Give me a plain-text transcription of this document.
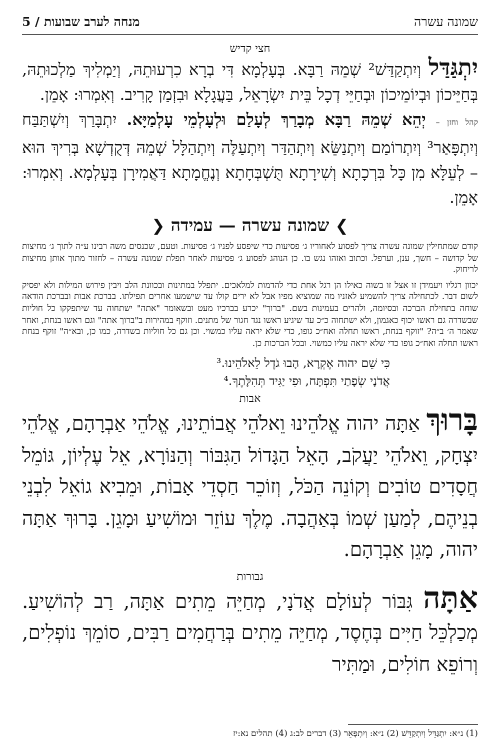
מנחה לערב שבועות / 5	שמונה עשרה

חצי קדיש

יִתְגַּדַּל וְיִתְקַדַּשׁ² שְׁמֵהּ רַבָּא. בְּעָלְמָא דִּי בְרָא כִרְעוּתֵהּ, וְיַמְלִיךְ מַלְכוּתֵהּ, בְּחַיֵּיכוֹן וּבְיוֹמֵיכוֹן וּבְחַיֵּי דְכָל בֵּית יִשְׂרָאֵל, בַּעֲגָלָא וּבִזְמַן קָרִיב. וְאִמְרוּ: אָמֵן.

קהל וחזן – יְהֵא שְׁמֵהּ רַבָּא מְבָרַךְ לְעָלַם וּלְעָלְמֵי עָלְמַיָּא. יִתְבָּרַךְ וְיִשְׁתַּבַּח וְיִתְפָּאַר³ וְיִתְרוֹמַם וְיִתְנַשֵּׂא וְיִתְהַדַּר וְיִתְעַלֶּה וְיִתְהַלָּל שְׁמֵהּ דְּקֻדְשָׁא בְּרִיךְ הוּא – לְעֵלָּא מִן כָּל בִּרְכָתָא וְשִׁירָתָא תֻּשְׁבְּחָתָא וְנֶחֱמָתָא דַּאֲמִירָן בְּעָלְמָא. וְאִמְרוּ: אָמֵן.

❯ שמונה עשרה — עמידה ❮

קודם שמתחילין שמונה עשרה צריך לפסוע לאחוריו ג׳ פסיעות כדי שיפסע לפניו ג׳ פסיעות. וטעם, שכנסים משה רבינו ע״ה לתוך ג׳ מחיצות של קדושה – חשך, ענן, וערפל. וכתוב ואזהו נגש בו. כן הנוהג לפסוע ג׳ פסיעות לאחר תפלת שמונה עשרה – לחזור מתוך אותן מחיצות לריחוק.

יכוון רגליו ויעמידן זו אצל זו בשוה כאילו הן רגל אחת כדי להדמות למלאכים. יתפלל במתינות ובכוונת הלב ויבין פירוש המילות ולא יפסיק לשום דבר. לכתחילה צריך להשמיע לאזניו מה שמוציא מפיו אבל לא ירים קולו עד שישמעו אחרים תפילתו. בברכת אבות ובברכת הודאה שוחה בתחילת הברכה ובסיומה, ולהרים בעמינות בשם. "ברוך" יכרע בברכיו מעט ובשאומר "אתה" ישתחוה עד שיתפקקו כל חוליות שבשדרה גם ראשו יכוף כאגמון, ולא ישתחוה כ״כ עד שיגיע ראשו נגד חגור של מתנים. וזוקף במהירות ב"ברוך אתה" וגם ראשו בנחת, ואחר שאמר ה׳ ב״ה? "זוקף בנחת, ראשו תחלה ואח״כ גופו, כדי שלא יראה עליו כמשוי. וכן גם כל חוליות בשדרה, כמו כן, ובא״ה" זוקף בנחת ראשו תחלה ואח״כ גופו כדי שלא יראה עליו כמשוי. ובכל הברכות כן.

כִּי שֵׁם יהוה אֶקְרָא, הָבוּ גֹדֶל לֵאלֹהֵינוּ.³

אֲדֹנָי שְׂפָתַי תִּפְתָּח, וּפִי יַגִּיד תְּהִלָּתֶךָ.⁴

אבות

בָּרוּךְ אַתָּה יהוה אֱלֹהֵינוּ וֵאלֹהֵי אֲבוֹתֵינוּ, אֱלֹהֵי אַבְרָהָם, אֱלֹהֵי יִצְחָק, וֵאלֹהֵי יַעֲקֹב, הָאֵל הַגָּדוֹל הַגִּבּוֹר וְהַנּוֹרָא, אֵל עֶלְיוֹן, גּוֹמֵל חֲסָדִים טוֹבִים וְקוֹנֵה הַכֹּל, וְזוֹכֵר חַסְדֵי אָבוֹת, וּמֵבִיא גוֹאֵל לִבְנֵי בְנֵיהֶם, לְמַעַן שְׁמוֹ בְּאַהֲבָה. מֶלֶךְ עוֹזֵר וּמוֹשִׁיעַ וּמָגֵן. בָּרוּךְ אַתָּה יהוה, מָגֵן אַבְרָהָם.

גבורות

אַתָּה גִּבּוֹר לְעוֹלָם אֲדֹנָי, מְחַיֵּה מֵתִים אַתָּה, רַב לְהוֹשִׁיעַ. מְכַלְכֵּל חַיִּים בְּחֶסֶד, מְחַיֵּה מֵתִים בְּרַחֲמִים רַבִּים, סוֹמֵךְ נוֹפְלִים, וְרוֹפֵא חוֹלִים, וּמַתִּיר

(1) נ״א: יִתְגַּדֵּל וְיִתְקַדֵּשׁ (2) נ״א: וְיִתְפָּאֵר (3) דברים לב:ג (4) תהלים נא:יז
